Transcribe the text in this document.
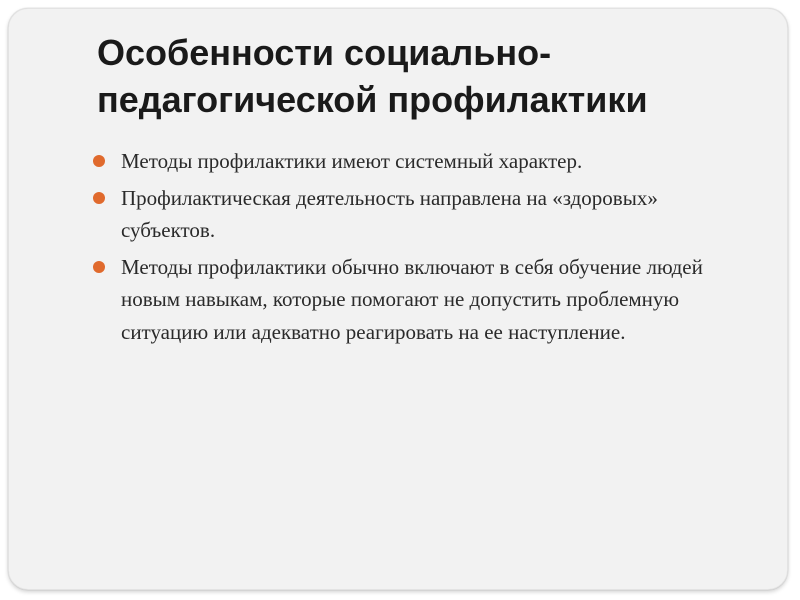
Особенности социально-педагогической профилактики
Методы профилактики имеют системный характер.
Профилактическая деятельность направлена на «здоровых» субъектов.
Методы профилактики обычно включают в себя обучение людей новым навыкам, которые помогают не допустить проблемную ситуацию или адекватно реагировать на ее наступление.
